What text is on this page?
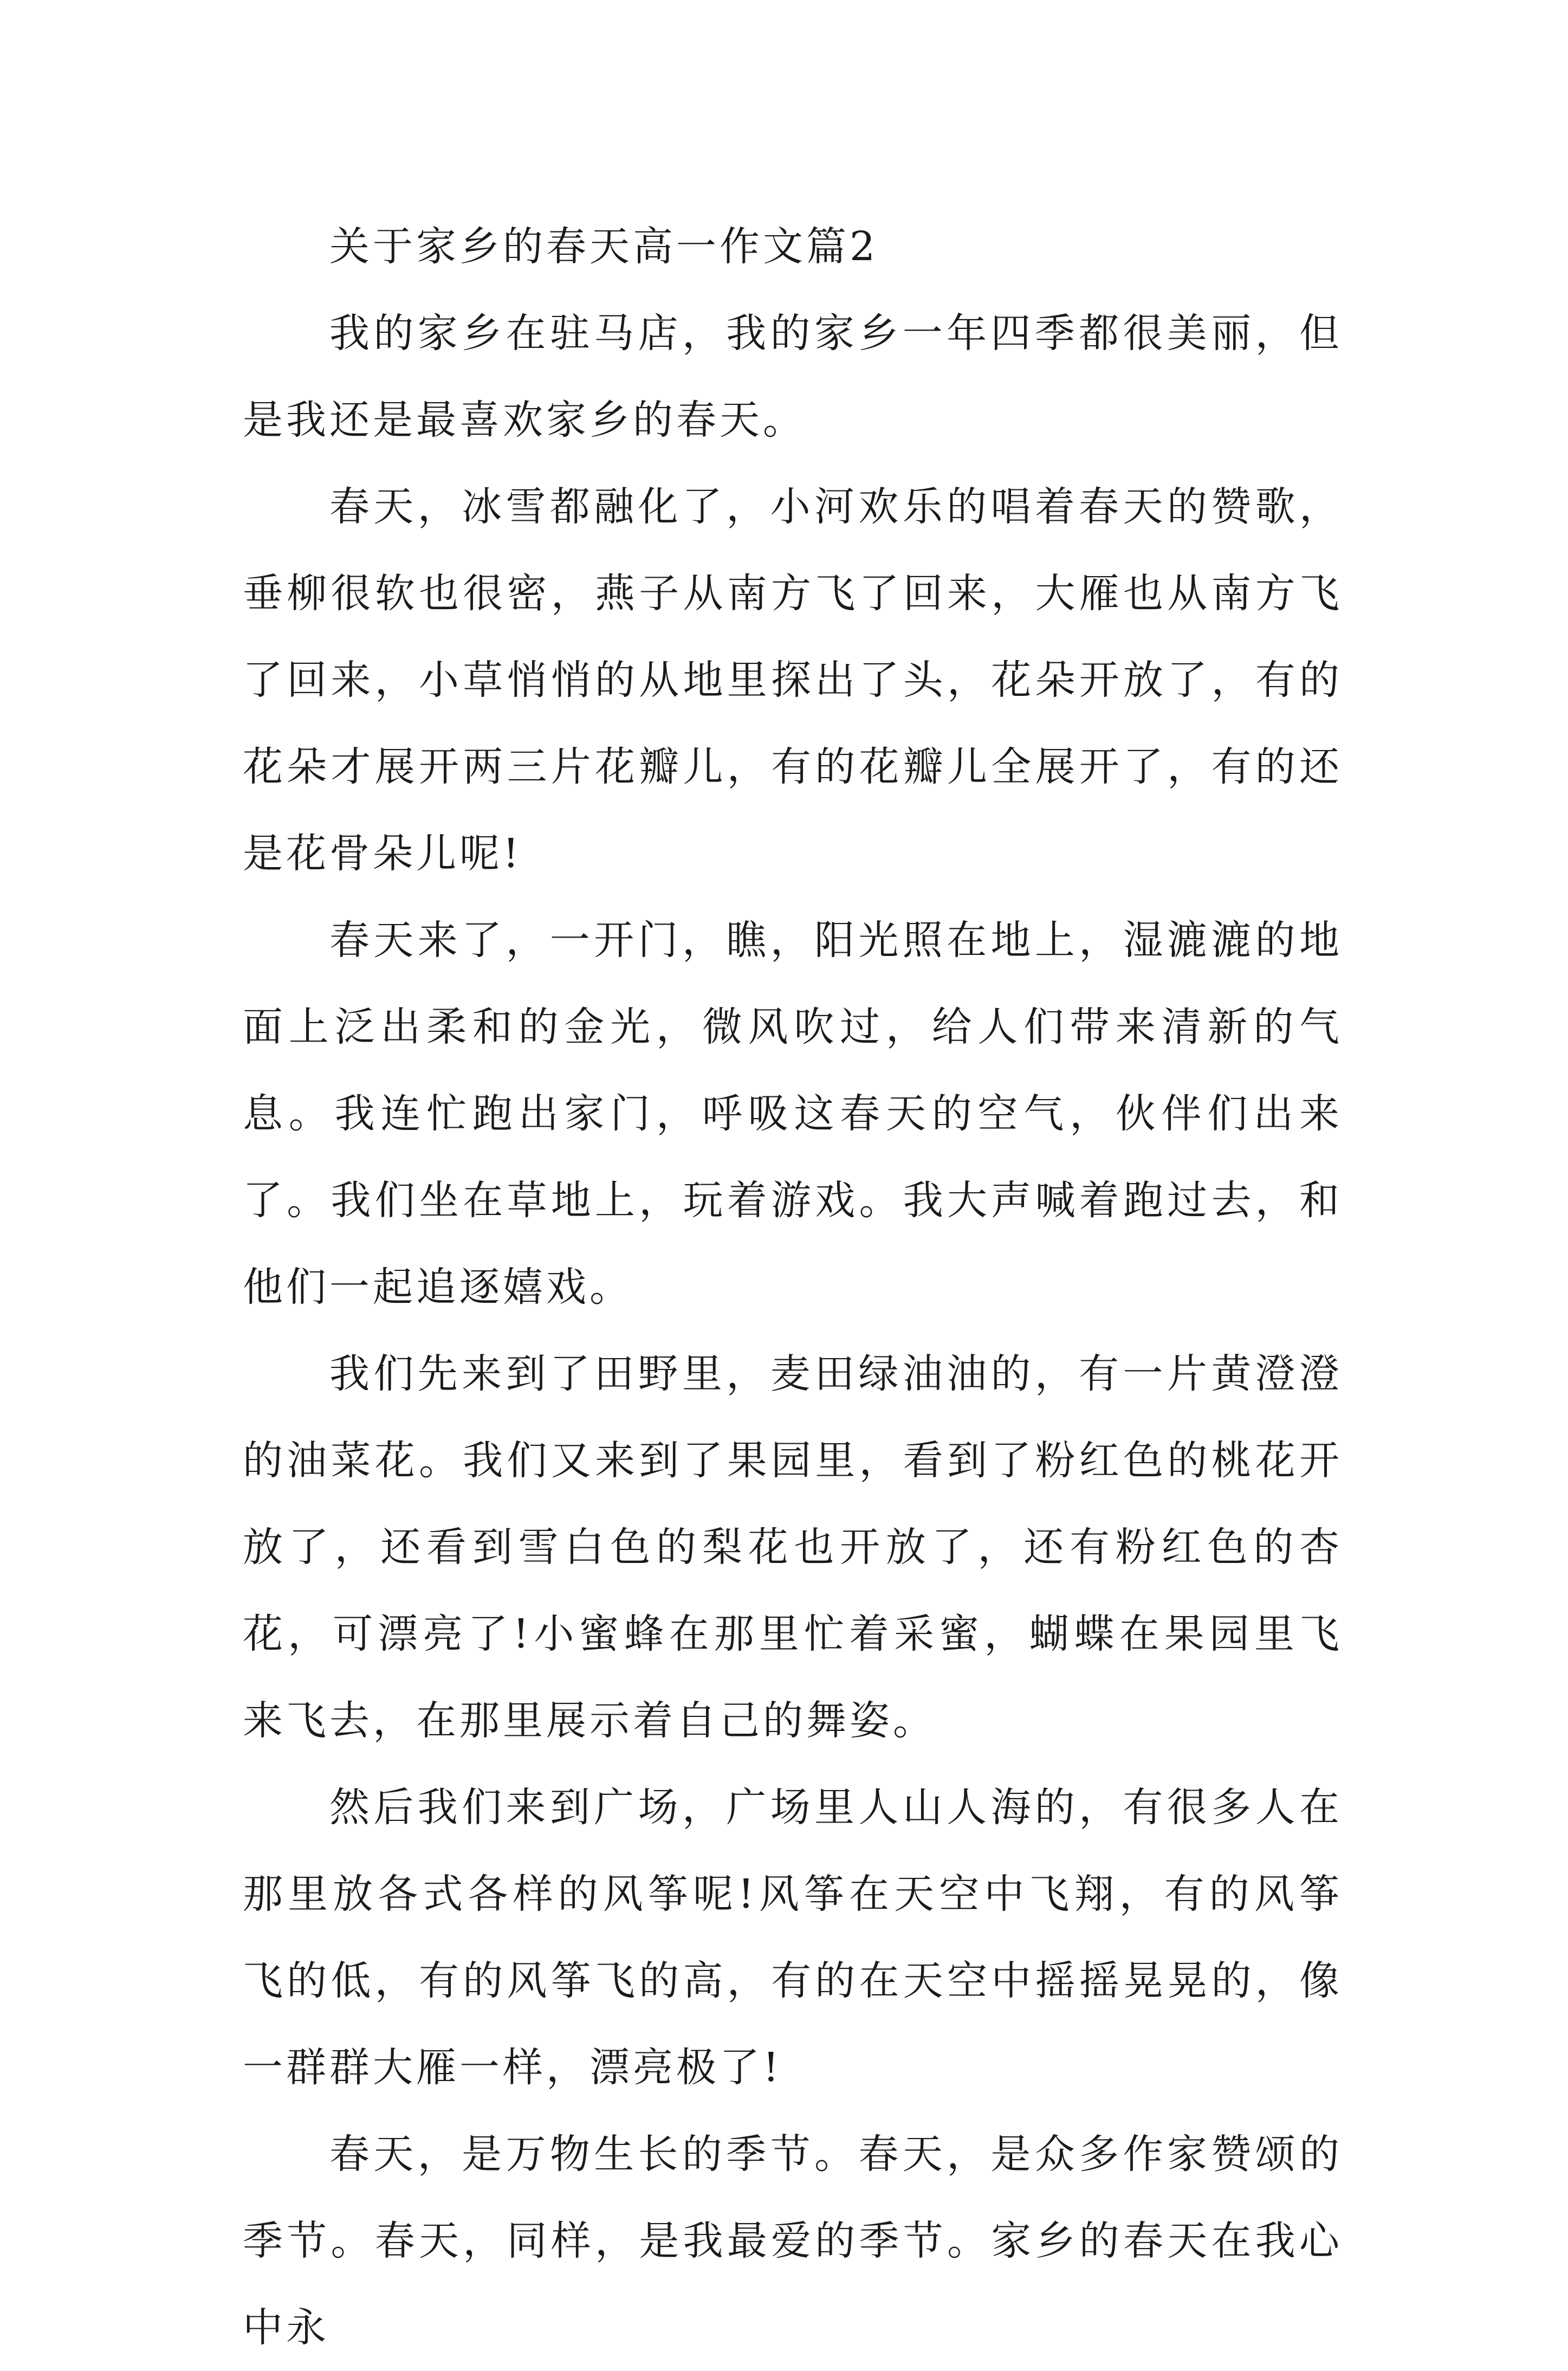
关于家乡的春天高一作文篇2

我的家乡在驻马店，我的家乡一年四季都很美丽，但是我还是最喜欢家乡的春天。

春天，冰雪都融化了，小河欢乐的唱着春天的赞歌，垂柳很软也很密，燕子从南方飞了回来，大雁也从南方飞了回来，小草悄悄的从地里探出了头，花朵开放了，有的花朵才展开两三片花瓣儿，有的花瓣儿全展开了，有的还是花骨朵儿呢!

春天来了，一开门，瞧，阳光照在地上，湿漉漉的地面上泛出柔和的金光，微风吹过，给人们带来清新的气息。我连忙跑出家门，呼吸这春天的空气，伙伴们出来了。我们坐在草地上，玩着游戏。我大声喊着跑过去，和他们一起追逐嬉戏。

我们先来到了田野里，麦田绿油油的，有一片黄澄澄的油菜花。我们又来到了果园里，看到了粉红色的桃花开放了，还看到雪白色的梨花也开放了，还有粉红色的杏花，可漂亮了!小蜜蜂在那里忙着采蜜，蝴蝶在果园里飞来飞去，在那里展示着自己的舞姿。

然后我们来到广场，广场里人山人海的，有很多人在那里放各式各样的风筝呢!风筝在天空中飞翔，有的风筝飞的低，有的风筝飞的高，有的在天空中摇摇晃晃的，像一群群大雁一样，漂亮极了!

春天，是万物生长的季节。春天，是众多作家赞颂的季节。春天，同样，是我最爱的季节。家乡的春天在我心中永
